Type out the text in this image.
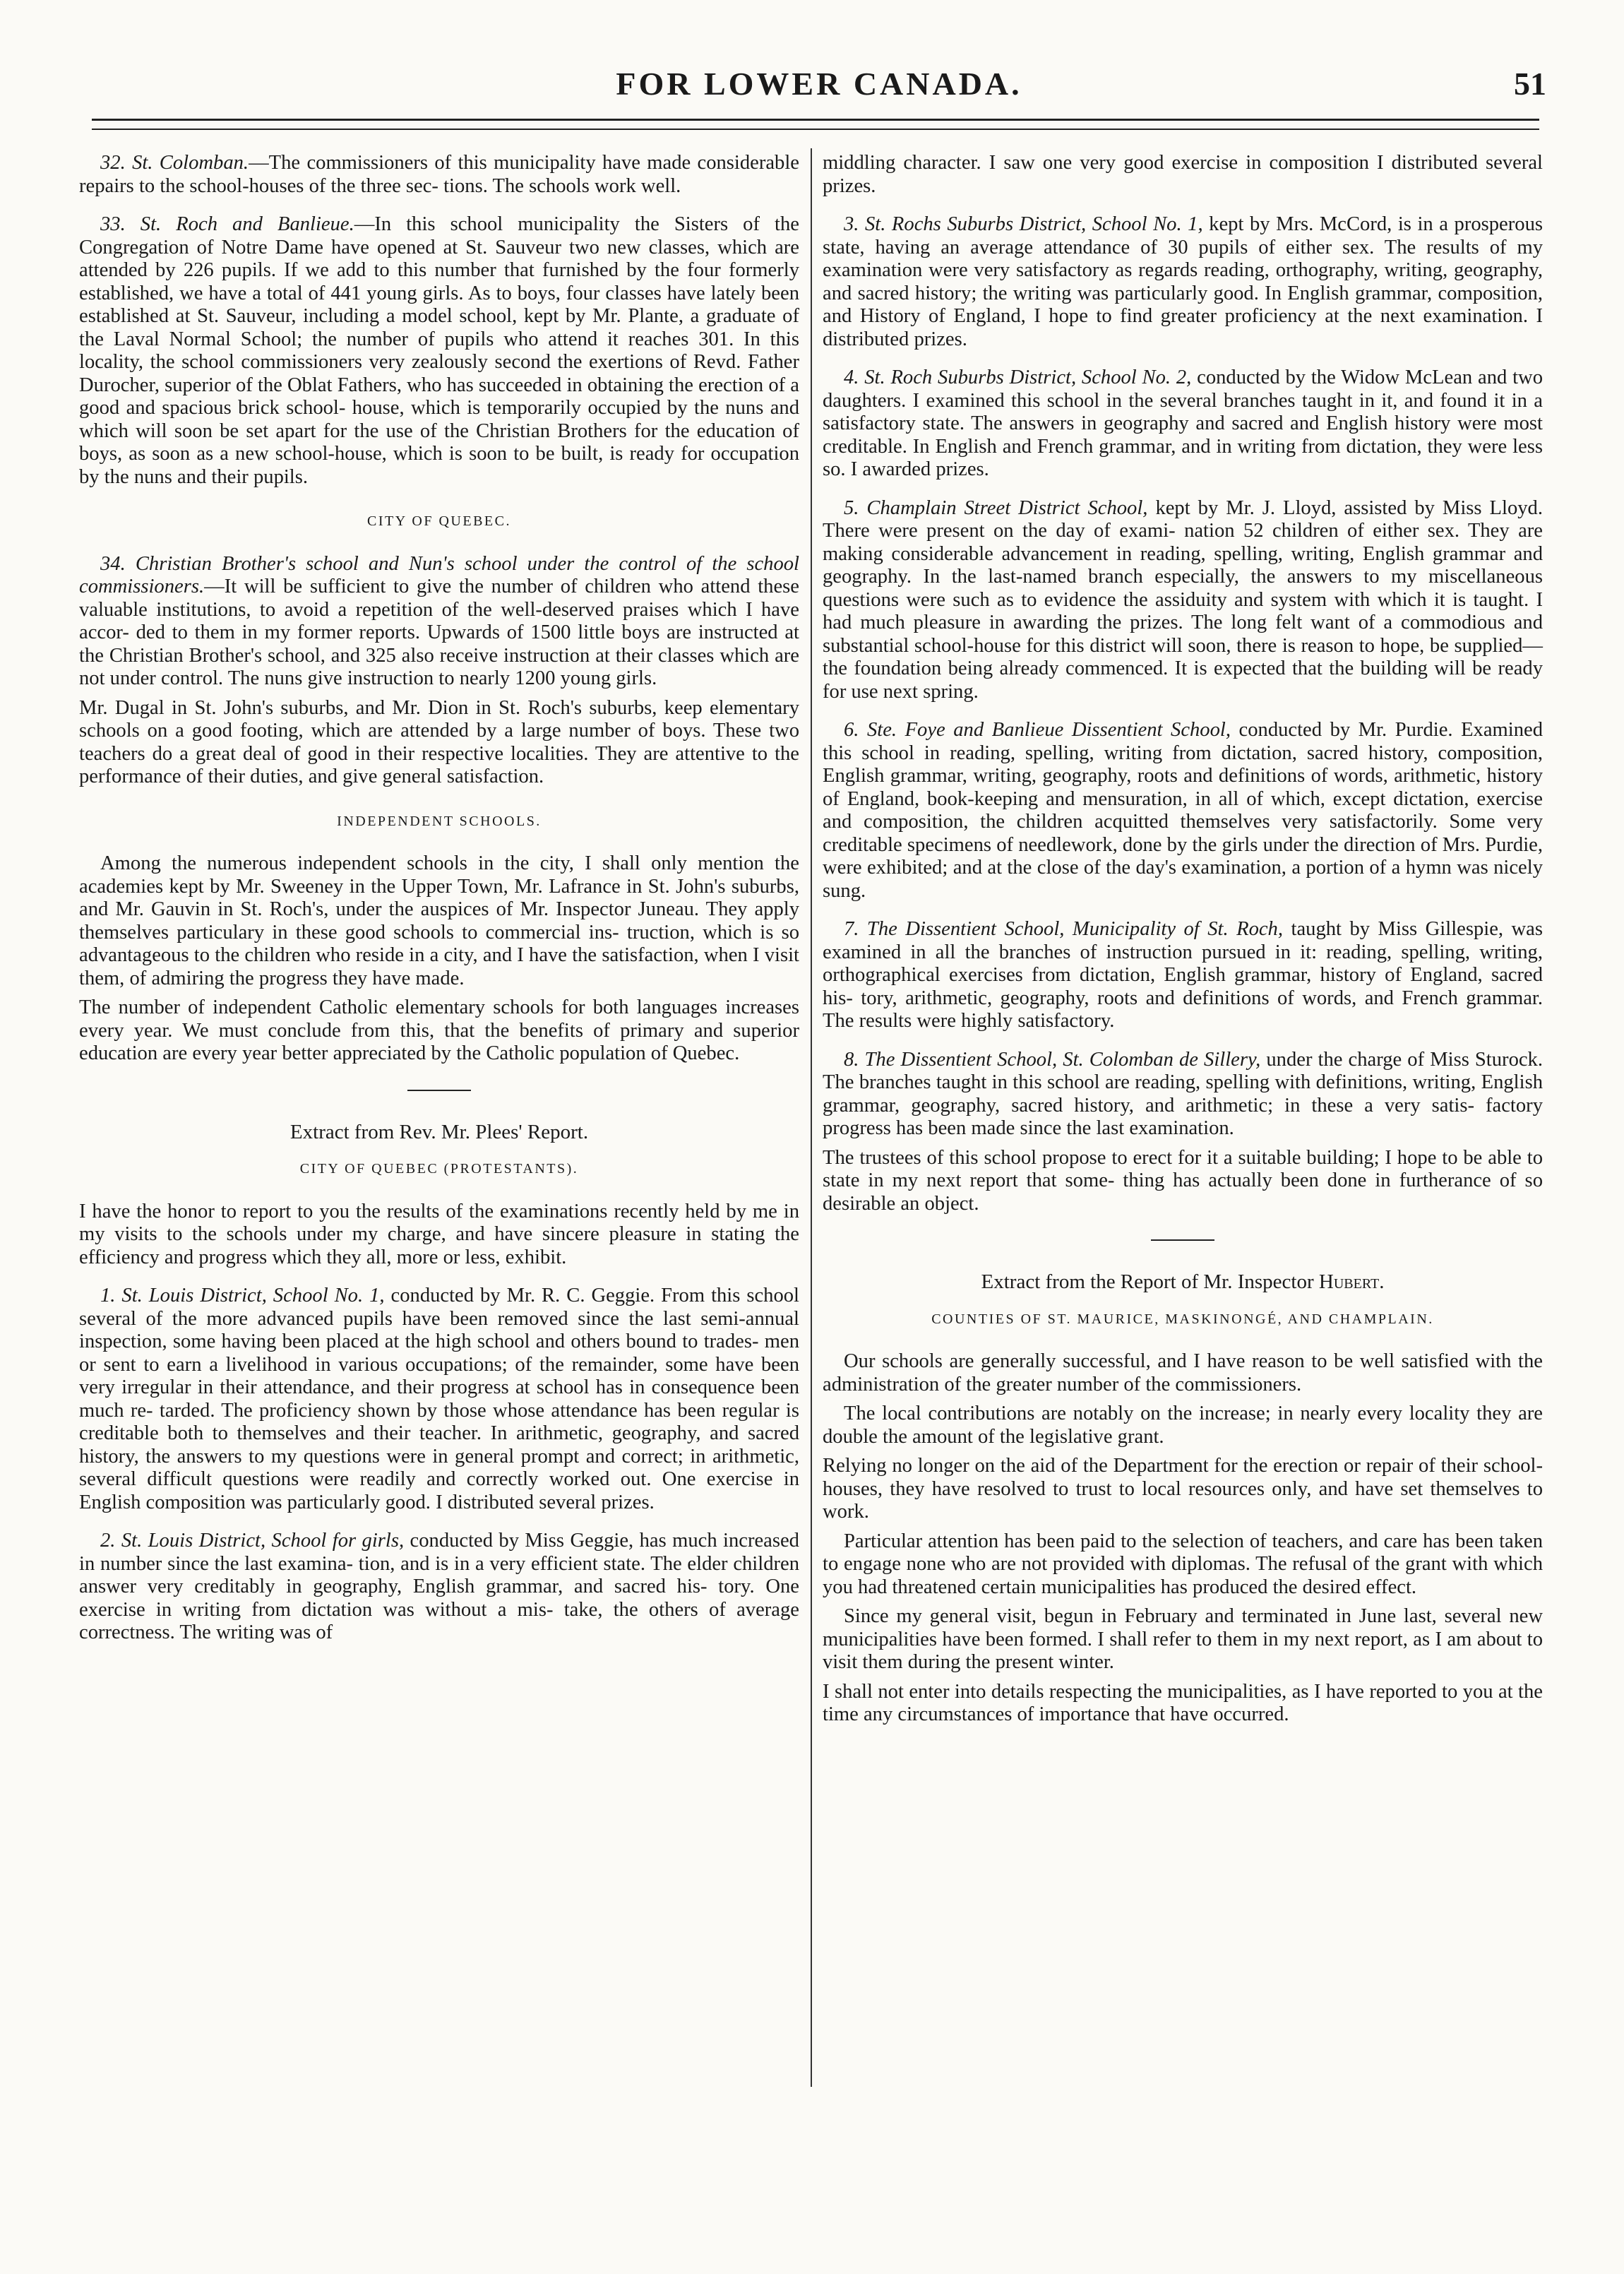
FOR LOWER CANADA.	51

32. St. Colomban.—The commissioners of this municipality have made considerable repairs to the school-houses of the three sec- tions. The schools work well.

33. St. Roch and Banlieue.—In this school municipality the Sisters of the Congregation of Notre Dame have opened at St. Sauveur two new classes, which are attended by 226 pupils. If we add to this number that furnished by the four formerly established, we have a total of 441 young girls. As to boys, four classes have lately been established at St. Sauveur, including a model school, kept by Mr. Plante, a graduate of the Laval Normal School; the number of pupils who attend it reaches 301. In this locality, the school commissioners very zealously second the exertions of Revd. Father Durocher, superior of the Oblat Fathers, who has succeeded in obtaining the erection of a good and spacious brick school- house, which is temporarily occupied by the nuns and which will soon be set apart for the use of the Christian Brothers for the education of boys, as soon as a new school-house, which is soon to be built, is ready for occupation by the nuns and their pupils.

CITY OF QUEBEC.

34. Christian Brother's school and Nun's school under the control of the school commissioners.—It will be sufficient to give the number of children who attend these valuable institutions, to avoid a repetition of the well-deserved praises which I have accor- ded to them in my former reports. Upwards of 1500 little boys are instructed at the Christian Brother's school, and 325 also receive instruction at their classes which are not under control. The nuns give instruction to nearly 1200 young girls.

Mr. Dugal in St. John's suburbs, and Mr. Dion in St. Roch's suburbs, keep elementary schools on a good footing, which are attended by a large number of boys. These two teachers do a great deal of good in their respective localities. They are attentive to the performance of their duties, and give general satisfaction.

INDEPENDENT SCHOOLS.

Among the numerous independent schools in the city, I shall only mention the academies kept by Mr. Sweeney in the Upper Town, Mr. Lafrance in St. John's suburbs, and Mr. Gauvin in St. Roch's, under the auspices of Mr. Inspector Juneau. They apply themselves particulary in these good schools to commercial ins- truction, which is so advantageous to the children who reside in a city, and I have the satisfaction, when I visit them, of admiring the progress they have made.

The number of independent Catholic elementary schools for both languages increases every year. We must conclude from this, that the benefits of primary and superior education are every year better appreciated by the Catholic population of Quebec.

Extract from Rev. Mr. Plees' Report.
CITY OF QUEBEC (PROTESTANTS).

I have the honor to report to you the results of the examinations recently held by me in my visits to the schools under my charge, and have sincere pleasure in stating the efficiency and progress which they all, more or less, exhibit.

1. St. Louis District, School No. 1, conducted by Mr. R. C. Geggie. From this school several of the more advanced pupils have been removed since the last semi-annual inspection, some having been placed at the high school and others bound to trades- men or sent to earn a livelihood in various occupations; of the remainder, some have been very irregular in their attendance, and their progress at school has in consequence been much re- tarded. The proficiency shown by those whose attendance has been regular is creditable both to themselves and their teacher. In arithmetic, geography, and sacred history, the answers to my questions were in general prompt and correct; in arithmetic, several difficult questions were readily and correctly worked out. One exercise in English composition was particularly good. I distributed several prizes.

2. St. Louis District, School for girls, conducted by Miss Geggie, has much increased in number since the last examina- tion, and is in a very efficient state. The elder children answer very creditably in geography, English grammar, and sacred his- tory. One exercise in writing from dictation was without a mis- take, the others of average correctness. The writing was of

middling character. I saw one very good exercise in composition I distributed several prizes.

3. St. Rochs Suburbs District, School No. 1, kept by Mrs. McCord, is in a prosperous state, having an average attendance of 30 pupils of either sex. The results of my examination were very satisfactory as regards reading, orthography, writing, geography, and sacred history; the writing was particularly good. In English grammar, composition, and History of England, I hope to find greater proficiency at the next examination. I distributed prizes.

4. St. Roch Suburbs District, School No. 2, conducted by the Widow McLean and two daughters. I examined this school in the several branches taught in it, and found it in a satisfactory state. The answers in geography and sacred and English history were most creditable. In English and French grammar, and in writing from dictation, they were less so. I awarded prizes.

5. Champlain Street District School, kept by Mr. J. Lloyd, assisted by Miss Lloyd. There were present on the day of exami- nation 52 children of either sex. They are making considerable advancement in reading, spelling, writing, English grammar and geography. In the last-named branch especially, the answers to my miscellaneous questions were such as to evidence the assiduity and system with which it is taught. I had much pleasure in awarding the prizes. The long felt want of a commodious and substantial school-house for this district will soon, there is reason to hope, be supplied—the foundation being already commenced. It is expected that the building will be ready for use next spring.

6. Ste. Foye and Banlieue Dissentient School, conducted by Mr. Purdie. Examined this school in reading, spelling, writing from dictation, sacred history, composition, English grammar, writing, geography, roots and definitions of words, arithmetic, history of England, book-keeping and mensuration, in all of which, except dictation, exercise and composition, the children acquitted themselves very satisfactorily. Some very creditable specimens of needlework, done by the girls under the direction of Mrs. Purdie, were exhibited; and at the close of the day's examination, a portion of a hymn was nicely sung.

7. The Dissentient School, Municipality of St. Roch, taught by Miss Gillespie, was examined in all the branches of instruction pursued in it: reading, spelling, writing, orthographical exercises from dictation, English grammar, history of England, sacred his- tory, arithmetic, geography, roots and definitions of words, and French grammar. The results were highly satisfactory.

8. The Dissentient School, St. Colomban de Sillery, under the charge of Miss Sturock. The branches taught in this school are reading, spelling with definitions, writing, English grammar, geography, sacred history, and arithmetic; in these a very satis- factory progress has been made since the last examination.

The trustees of this school propose to erect for it a suitable building; I hope to be able to state in my next report that some- thing has actually been done in furtherance of so desirable an object.

Extract from the Report of Mr. Inspector Hubert.
COUNTIES OF ST. MAURICE, MASKINONGÉ, AND CHAMPLAIN.

Our schools are generally successful, and I have reason to be well satisfied with the administration of the greater number of the commissioners.

The local contributions are notably on the increase; in nearly every locality they are double the amount of the legislative grant.

Relying no longer on the aid of the Department for the erection or repair of their school-houses, they have resolved to trust to local resources only, and have set themselves to work.

Particular attention has been paid to the selection of teachers, and care has been taken to engage none who are not provided with diplomas. The refusal of the grant with which you had threatened certain municipalities has produced the desired effect.

Since my general visit, begun in February and terminated in June last, several new municipalities have been formed. I shall refer to them in my next report, as I am about to visit them during the present winter.

I shall not enter into details respecting the municipalities, as I have reported to you at the time any circumstances of importance that have occurred.
